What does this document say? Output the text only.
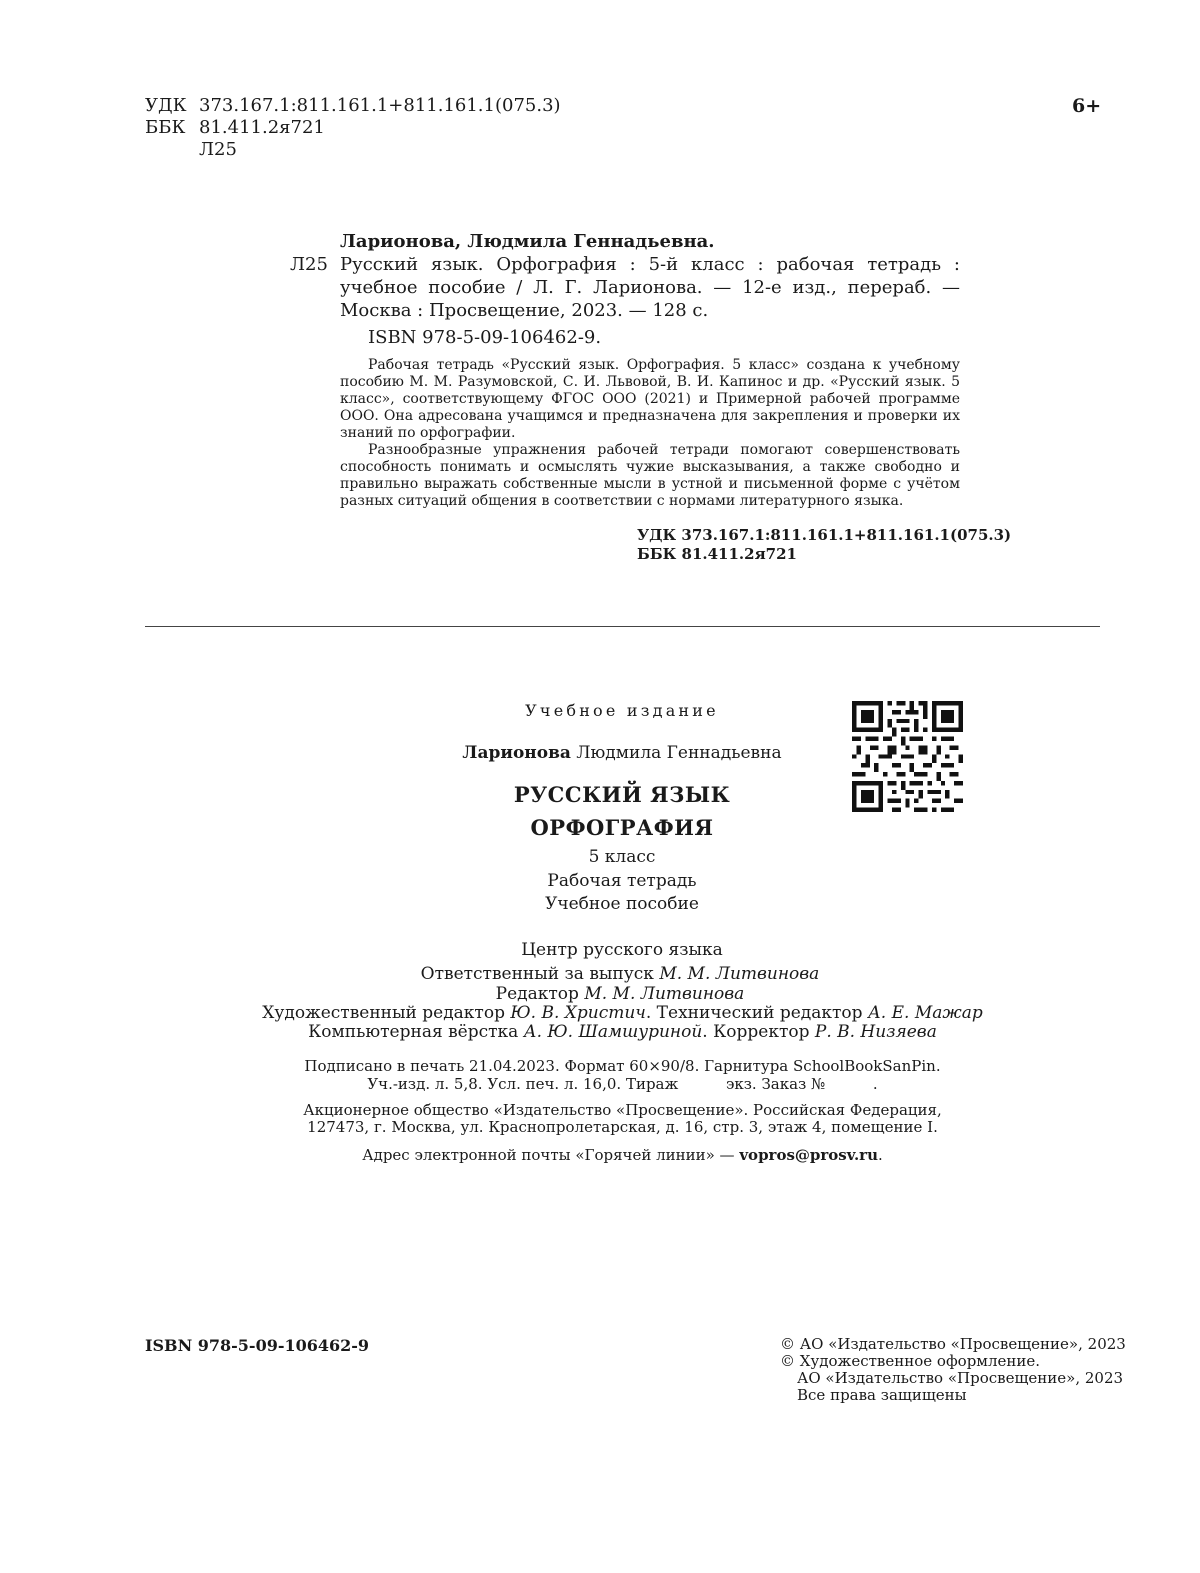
УДК 373.167.1:811.161.1+811.161.1(075.3)
ББК 81.411.2я721
Л25
6+
Ларионова, Людмила Геннадьевна.
Л25 Русский язык. Орфография : 5-й класс : рабочая тетрадь : учебное пособие / Л. Г. Ларионова. — 12-е изд., перераб. — Москва : Просвещение, 2023. — 128 с.
ISBN 978-5-09-106462-9.

Рабочая тетрадь «Русский язык. Орфография. 5 класс» создана к учебному пособию М. М. Разумовской, С. И. Львовой, В. И. Капинос и др. «Русский язык. 5 класс», соответствующему ФГОС ООО (2021) и Примерной рабочей программе ООО. Она адресована учащимся и предназначена для закрепления и проверки их знаний по орфографии.

Разнообразные упражнения рабочей тетради помогают совершенствовать способность понимать и осмыслять чужие высказывания, а также свободно и правильно выражать собственные мысли в устной и письменной форме с учётом разных ситуаций общения в соответствии с нормами литературного языка.

УДК 373.167.1:811.161.1+811.161.1(075.3)
ББК 81.411.2я721
Учебное издание
Ларионова Людмила Геннадьевна
РУССКИЙ ЯЗЫК
ОРФОГРАФИЯ
5 класс
Рабочая тетрадь
Учебное пособие
Центр русского языка
Ответственный за выпуск М. М. Литвинова
Редактор М. М. Литвинова
Художественный редактор Ю. В. Христич. Технический редактор А. Е. Мажар
Компьютерная вёрстка А. Ю. Шамшуриной. Корректор Р. В. Низяева
Подписано в печать 21.04.2023. Формат 60×90/8. Гарнитура SchoolBookSanPin.
Уч.-изд. л. 5,8. Усл. печ. л. 16,0. Тираж          экз. Заказ №          .
Акционерное общество «Издательство «Просвещение». Российская Федерация,
127473, г. Москва, ул. Краснопролетарская, д. 16, стр. 3, этаж 4, помещение I.
Адрес электронной почты «Горячей линии» — vopros@prosv.ru.
ISBN 978-5-09-106462-9	© АО «Издательство «Просвещение», 2023
© Художественное оформление.
АО «Издательство «Просвещение», 2023
Все права защищены
